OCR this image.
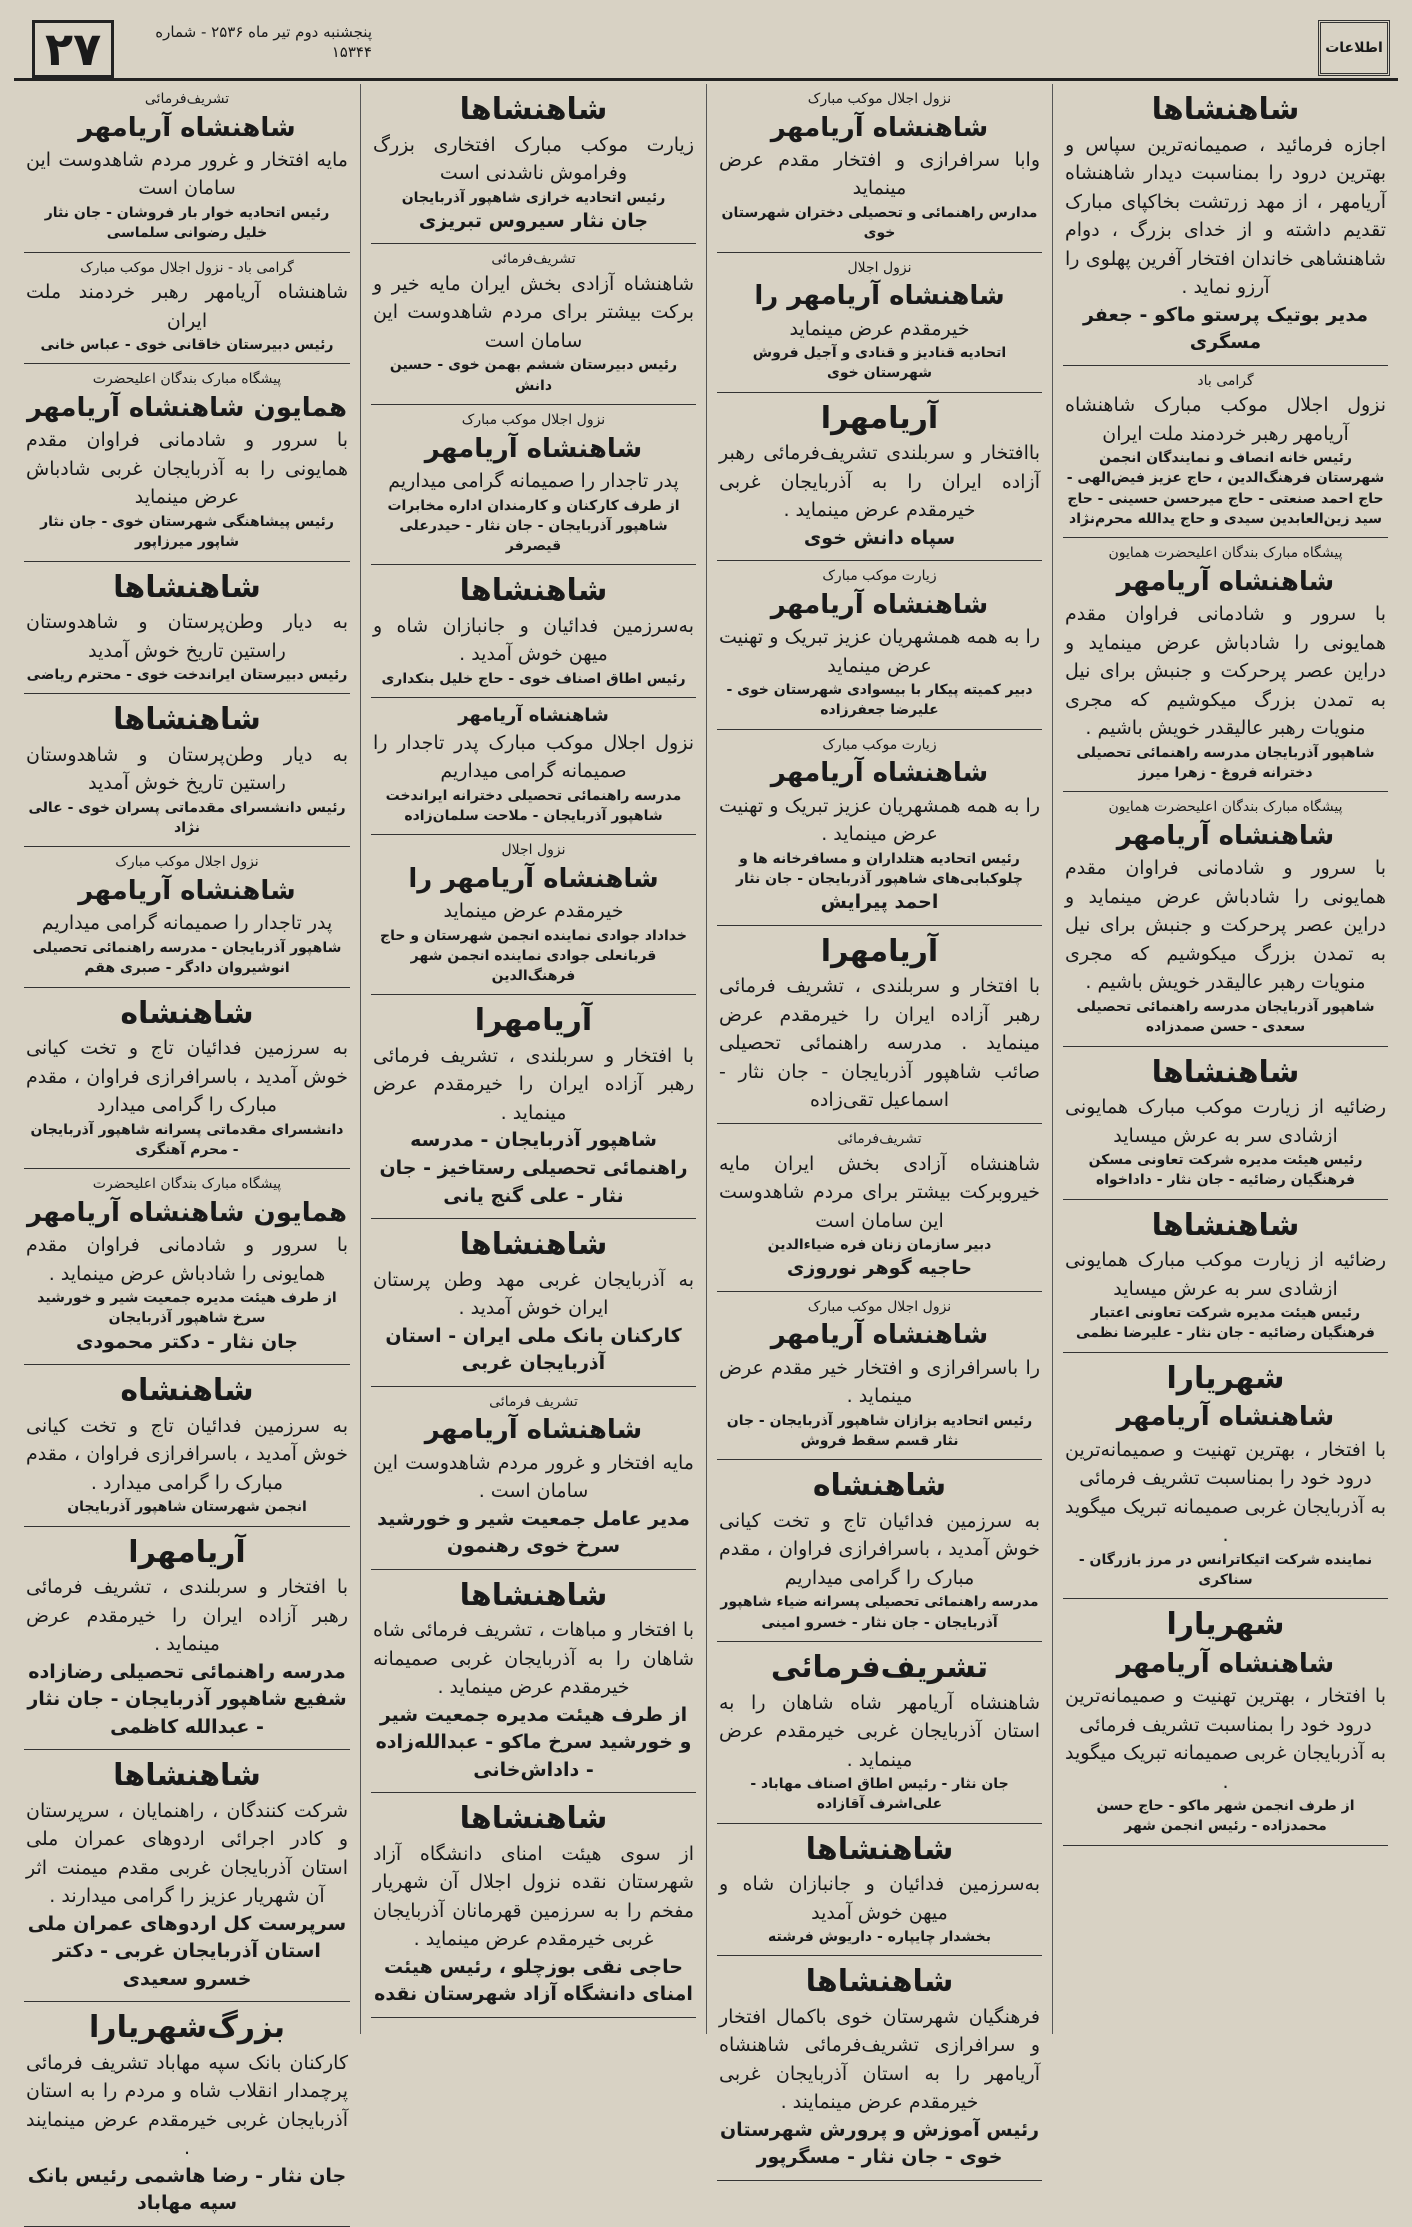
۲۷	پنجشنبه دوم تیر ماه ۲۵۳۶ - شماره ۱۵۳۴۴	اطلاعات
شاهنشاها
اجازه فرمائید ، صمیمانه‌ترین سپاس و بهترین درود را بمناسبت دیدار شاهنشاه آریامهر ، از مهد زرتشت بخاکپای مبارک تقدیم داشته و از خدای بزرگ ، دوام شاهنشاهی خاندان افتخار آفرین پهلوی را آرزو نماید .
مدیر بوتیک پرستو ماکو - جعفر مسگری
گرامی باد
نزول اجلال موکب مبارک شاهنشاه آریامهر رهبر خردمند ملت ایران
رئیس خانه انصاف و نمایندگان انجمن شهرستان فرهنگ‌الدین ، حاج عزیز فیض‌الهی - حاج احمد صنعتی - حاج میرحسن حسینی - حاج سید زین‌العابدین سیدی و حاج یدالله محرم‌نژاد
پیشگاه مبارک بندگان اعلیحضرت همایون
شاهنشاه آریامهر
با سرور و شادمانی فراوان مقدم همایونی را شادباش عرض مینماید و دراین عصر پرحرکت و جنبش برای نیل به تمدن بزرگ میکوشیم که مجری منویات رهبر عالیقدر خویش باشیم .
شاهپور آذربایجان مدرسه راهنمائی تحصیلی دخترانه فروغ - زهرا میرز
پیشگاه مبارک بندگان اعلیحضرت همایون
شاهنشاه آریامهر
با سرور و شادمانی فراوان مقدم همایونی را شادباش عرض مینماید و دراین عصر پرحرکت و جنبش برای نیل به تمدن بزرگ میکوشیم که مجری منویات رهبر عالیقدر خویش باشیم .
شاهپور آذربایجان مدرسه راهنمائی تحصیلی سعدی - حسن صمدزاده
شاهنشاها
رضائیه از زیارت موکب مبارک همایونی ازشادی سر به عرش میساید
رئیس هیئت مدیره شرکت تعاونی مسکن فرهنگیان رضائیه - جان نثار - داداخواه
شاهنشاها
رضائیه از زیارت موکب مبارک همایونی ازشادی سر به عرش میساید
رئیس هیئت مدیره شرکت تعاونی اعتبار فرهنگیان رضائیه - جان نثار - علیرضا نظمی
شهریارا
شاهنشاه آریامهر
با افتخار ، بهترین تهنیت و صمیمانه‌ترین درود خود را بمناسبت تشریف فرمائی
به آذربایجان غربی صمیمانه تبریک میگوید .
نماینده شرکت اتیکاترانس در مرز بازرگان - سناکری
شهریارا
شاهنشاه آریامهر
با افتخار ، بهترین تهنیت و صمیمانه‌ترین درود خود را بمناسبت تشریف فرمائی
به آذربایجان غربی صمیمانه تبریک میگوید .
از طرف انجمن شهر ماکو - حاج حسن محمدزاده - رئیس انجمن شهر
نزول اجلال موکب مبارک
شاهنشاه آریامهر
وابا سرافرازی و افتخار مقدم عرض مینماید
مدارس راهنمائی و تحصیلی دختران شهرستان خوی
نزول اجلال
شاهنشاه آریامهر را
خیرمقدم عرض مینماید
اتحادیه قنادیز و قنادی و آجیل فروش شهرستان خوی
آریامهرا
باافتخار و سربلندی تشریف‌فرمائی رهبر آزاده ایران را به آذربایجان غربی خیرمقدم عرض مینماید .
سپاه دانش خوی
زیارت موکب مبارک
شاهنشاه آریامهر
را به همه همشهریان عزیز تبریک و تهنیت عرض مینماید
دبیر کمیته پیکار با بیسوادی شهرستان خوی - علیرضا جعفرزاده
زیارت موکب مبارک
شاهنشاه آریامهر
را به همه همشهریان عزیز تبریک و تهنیت عرض مینماید .
رئیس اتحادیه هتلداران و مسافرخانه ها و چلوکبابی‌های شاهپور آذربایجان - جان نثار
احمد پیرایش
آریامهرا
با افتخار و سربلندی ، تشریف فرمائی رهبر آزاده ایران را خیرمقدم عرض مینماید . مدرسه راهنمائی تحصیلی صائب شاهپور آذربایجان - جان نثار - اسماعیل تقی‌زاده
تشریف‌فرمائی
شاهنشاه آزادی بخش ایران مایه خیروبرکت بیشتر برای مردم شاهدوست این سامان است
دبیر سازمان زنان فره ضیاءالدین
حاجیه گوهر نوروزی
نزول اجلال موکب مبارک
شاهنشاه آریامهر
را باسرافرازی و افتخار خیر مقدم عرض مینماید .
رئیس اتحادیه بزازان شاهپور آذربایجان - جان نثار قسم سقط فروش
شاهنشاه
به سرزمین فدائیان تاج و تخت کیانی خوش آمدید ، باسرافرازی فراوان ، مقدم مبارک را گرامی میداریم
مدرسه راهنمائی تحصیلی پسرانه ضیاء شاهپور آذربایجان - جان نثار - خسرو امینی
تشریف‌فرمائی
شاهنشاه آریامهر شاه شاهان را به استان آذربایجان غربی خیرمقدم عرض مینماید .
جان نثار - رئیس اطاق اصناف مهاباد - علی‌اشرف آقازاده
شاهنشاها
به‌سرزمین فدائیان و جانبازان شاه و میهن خوش آمدید
بخشدار چایپاره - داریوش فرشته
شاهنشاها
فرهنگیان شهرستان خوی باکمال افتخار و سرافرازی تشریف‌فرمائی شاهنشاه آریامهر را به استان آذربایجان غربی خیرمقدم عرض مینمایند .
رئیس آموزش و پرورش شهرستان خوی - جان نثار - مسگرپور
شاهنشاها
زیارت موکب مبارک افتخاری بزرگ وفراموش ناشدنی است
رئیس اتحادیه خرازی شاهپور آذربایجان
جان نثار سیروس تبریزی
تشریف‌فرمائی
شاهنشاه آزادی بخش ایران مایه خیر و برکت بیشتر برای مردم شاهدوست این سامان است
رئیس دبیرستان ششم بهمن خوی - حسین دانش
نزول اجلال موکب مبارک
شاهنشاه آریامهر
پدر تاجدار را صمیمانه گرامی میداریم
از طرف کارکنان و کارمندان اداره مخابرات شاهپور آذربایجان - جان نثار - حیدرعلی قیصرفر
شاهنشاها
به‌سرزمین فدائیان و جانبازان شاه و میهن خوش آمدید .
رئیس اطاق اصناف خوی - حاج خلیل بنکداری
شاهنشاه آریامهر
نزول اجلال موکب مبارک پدر تاجدار را صمیمانه گرامی میداریم
مدرسه راهنمائی تحصیلی دخترانه ایراندخت شاهپور آذربایجان - ملاحت سلمان‌زاده
نزول اجلال
شاهنشاه آریامهر را
خیرمقدم عرض مینماید
خداداد جوادی نماینده انجمن شهرستان و حاج قربانعلی جوادی نماینده انجمن شهر فرهنگ‌الدین
آریامهرا
با افتخار و سربلندی ، تشریف فرمائی رهبر آزاده ایران را خیرمقدم عرض مینماید .
شاهپور آذربایجان - مدرسه راهنمائی تحصیلی رستاخیز - جان نثار - علی گنج یانی
شاهنشاها
به آذربایجان غربی مهد وطن پرستان ایران خوش آمدید .
کارکنان بانک ملی ایران - استان آذربایجان غربی
تشریف فرمائی
شاهنشاه آریامهر
مایه افتخار و غرور مردم شاهدوست این سامان است .
مدیر عامل جمعیت شیر و خورشید سرخ خوی رهنمون
شاهنشاها
با افتخار و مباهات ، تشریف فرمائی شاه شاهان را به آذربایجان غربی صمیمانه خیرمقدم عرض مینماید .
از طرف هیئت مدیره جمعیت شیر و خورشید سرخ ماکو - عبدالله‌زاده - داداش‌خانی
شاهنشاها
از سوی هیئت امنای دانشگاه آزاد شهرستان نقده نزول اجلال آن شهریار مفخم را به سرزمین قهرمانان آذربایجان غربی خیرمقدم عرض مینماید .
حاجی نقی بوزچلو ، رئیس هیئت امنای دانشگاه آزاد شهرستان نقده
تشریف‌فرمائی
شاهنشاه آریامهر
مایه افتخار و غرور مردم شاهدوست این سامان است
رئیس اتحادیه خوار بار فروشان - جان نثار خلیل رضوانی سلماسی
گرامی باد - نزول اجلال موکب مبارک
شاهنشاه آریامهر رهبر خردمند ملت ایران
رئیس دبیرستان خاقانی خوی - عباس خانی
پیشگاه مبارک بندگان اعلیحضرت
همایون شاهنشاه آریامهر
با سرور و شادمانی فراوان مقدم همایونی را به آذربایجان غربی شادباش عرض مینماید
رئیس پیشاهنگی شهرستان خوی - جان نثار شاپور میرزاپور
شاهنشاها
به دیار وطن‌پرستان و شاهدوستان راستین تاریخ خوش آمدید
رئیس دبیرستان ایراندخت خوی - محترم ریاضی
شاهنشاها
به دیار وطن‌پرستان و شاهدوستان راستین تاریخ خوش آمدید
رئیس دانشسرای مقدماتی پسران خوی - عالی نژاد
نزول اجلال موکب مبارک
شاهنشاه آریامهر
پدر تاجدار را صمیمانه گرامی میداریم
شاهپور آذربایجان - مدرسه راهنمائی تحصیلی انوشیروان دادگر - صبری هقم
شاهنشاه
به سرزمین فدائیان تاج و تخت کیانی خوش آمدید ، باسرافرازی فراوان ، مقدم مبارک را گرامی میدارد
دانشسرای مقدماتی پسرانه شاهپور آذربایجان - محرم آهنگری
پیشگاه مبارک بندگان اعلیحضرت
همایون شاهنشاه آریامهر
با سرور و شادمانی فراوان مقدم همایونی را شادباش عرض مینماید .
از طرف هیئت مدیره جمعیت شیر و خورشید سرخ شاهپور آذربایجان
جان نثار - دکتر محمودی
شاهنشاه
به سرزمین فدائیان تاج و تخت کیانی خوش آمدید ، باسرافرازی فراوان ، مقدم مبارک را گرامی میدارد .
انجمن شهرستان شاهپور آذربایجان
آریامهرا
با افتخار و سربلندی ، تشریف فرمائی رهبر آزاده ایران را خیرمقدم عرض مینماید .
مدرسه راهنمائی تحصیلی رضازاده شفیع شاهپور آذربایجان - جان نثار - عبدالله کاظمی
شاهنشاها
شرکت کنندگان ، راهنمایان ، سرپرستان و کادر اجرائی اردوهای عمران ملی استان آذربایجان غربی مقدم میمنت اثر آن شهریار عزیز را گرامی میدارند .
سرپرست کل اردوهای عمران ملی استان آذربایجان غربی - دکتر خسرو سعیدی
بزرگ‌شهریارا
کارکنان بانک سپه مهاباد تشریف فرمائی پرچمدار انقلاب شاه و مردم را به استان آذربایجان غربی خیرمقدم عرض مینمایند .
جان نثار - رضا هاشمی رئیس بانک سپه مهاباد
